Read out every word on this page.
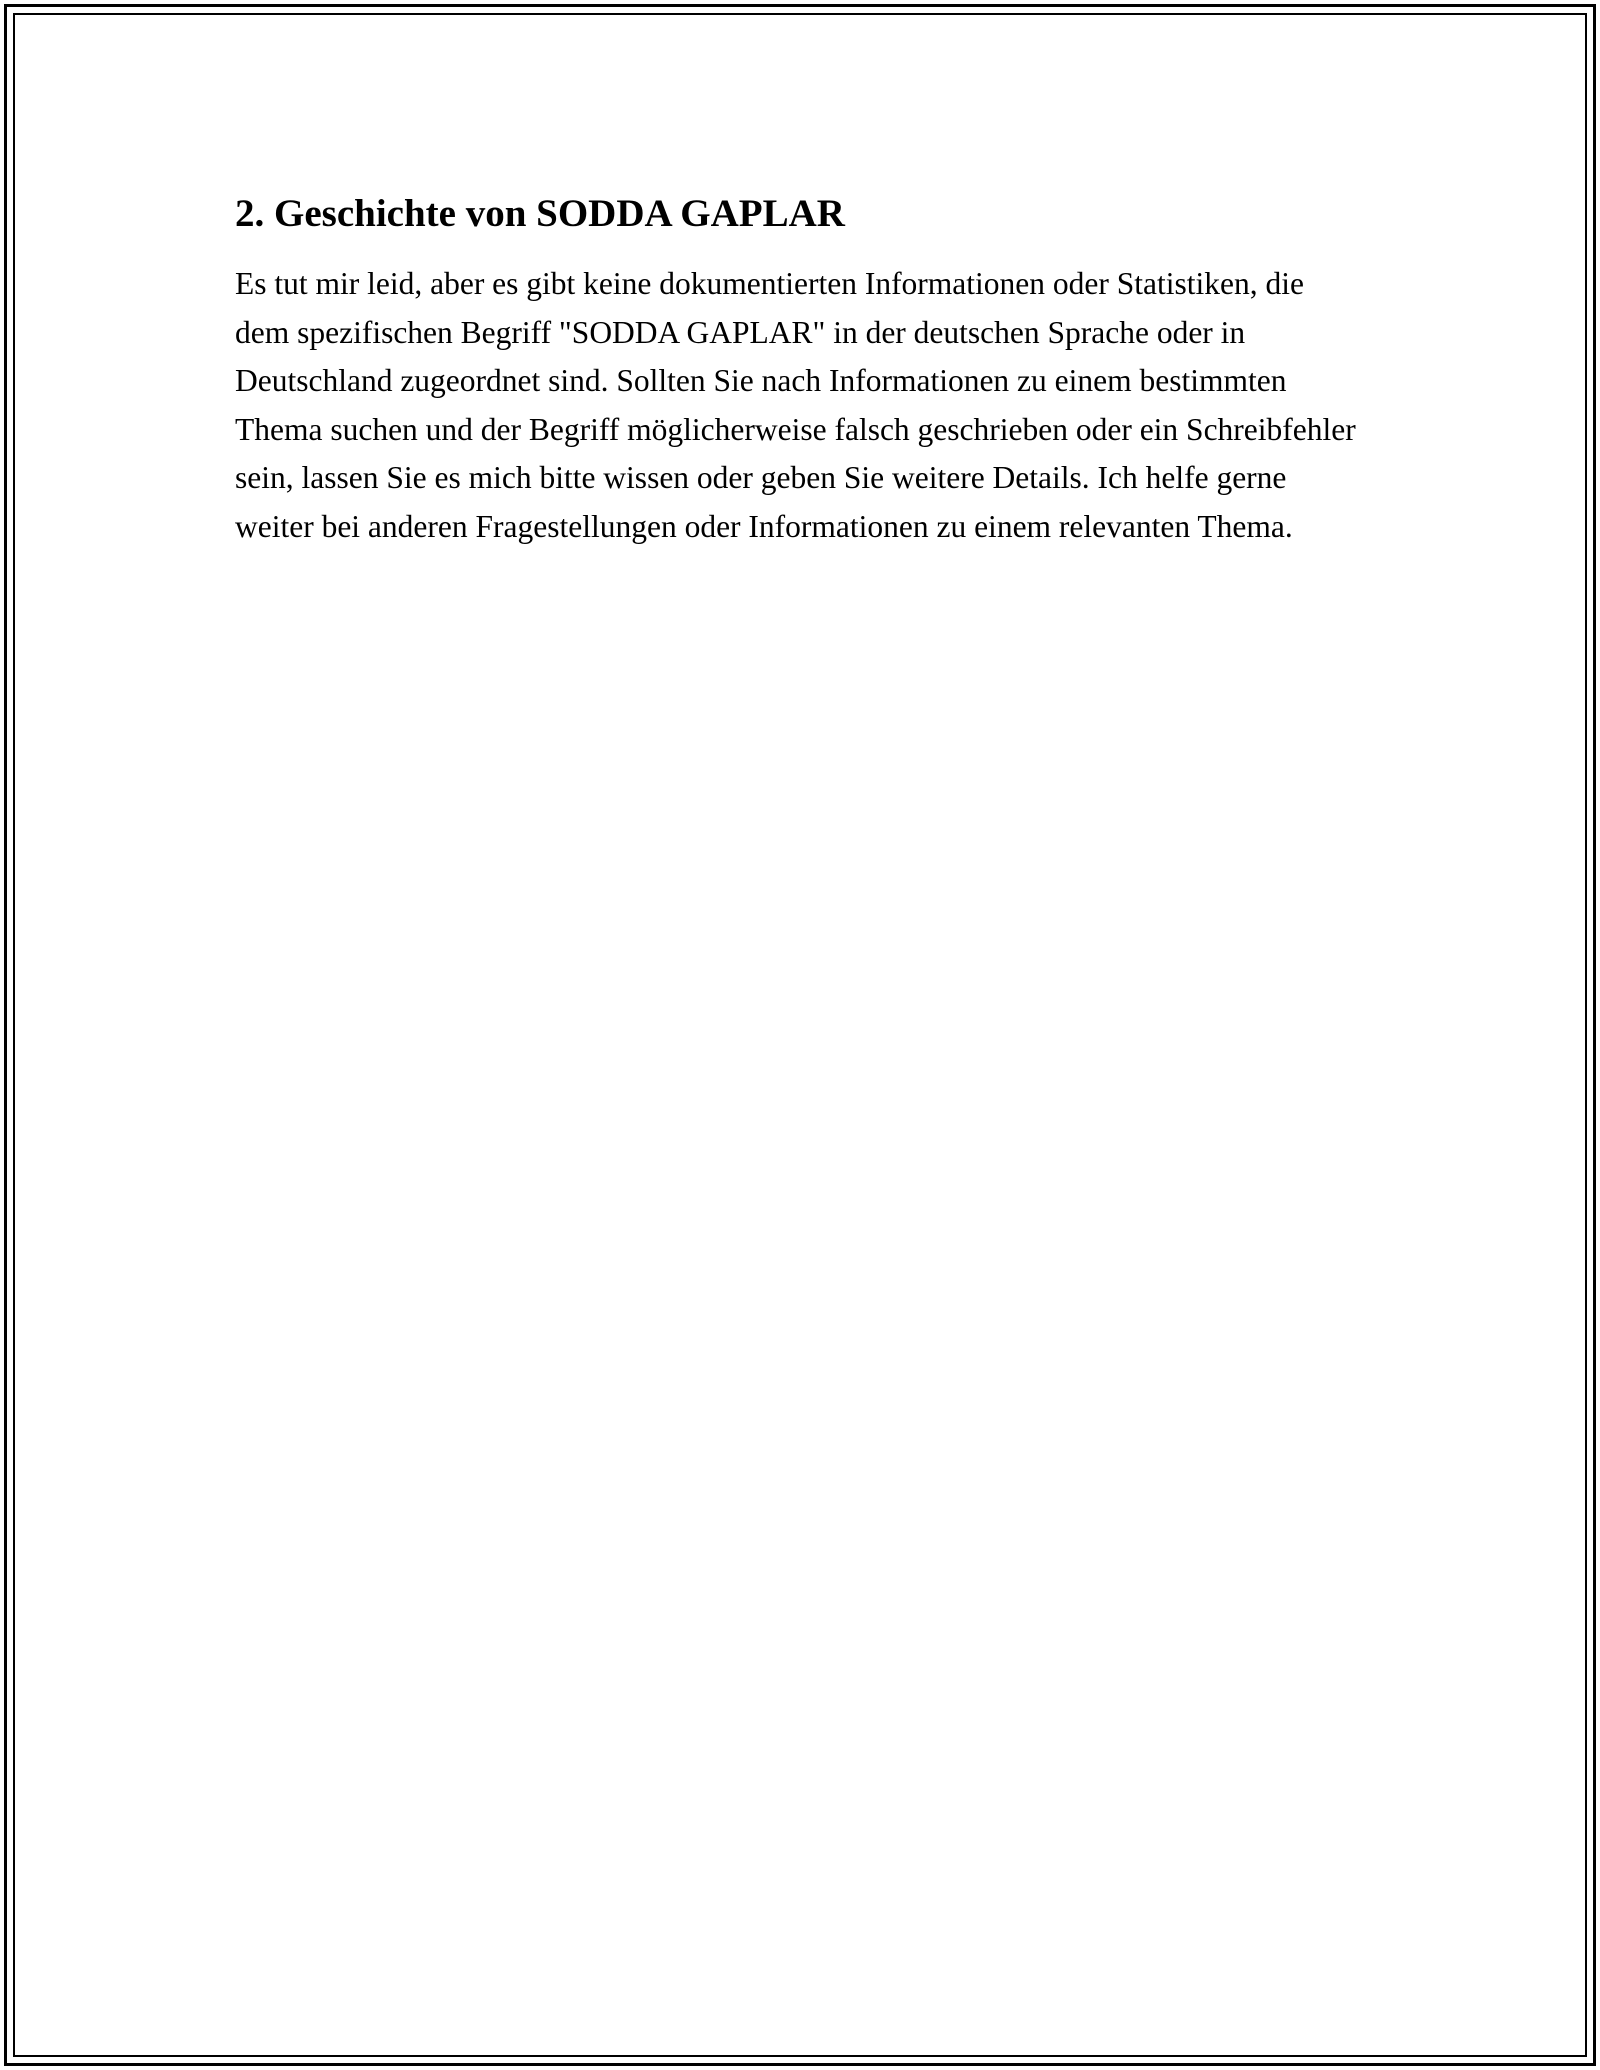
2. Geschichte von SODDA GAPLAR

Es tut mir leid, aber es gibt keine dokumentierten Informationen oder Statistiken, die dem spezifischen Begriff "SODDA GAPLAR" in der deutschen Sprache oder in Deutschland zugeordnet sind. Sollten Sie nach Informationen zu einem bestimmten Thema suchen und der Begriff möglicherweise falsch geschrieben oder ein Schreibfehler sein, lassen Sie es mich bitte wissen oder geben Sie weitere Details. Ich helfe gerne weiter bei anderen Fragestellungen oder Informationen zu einem relevanten Thema.
